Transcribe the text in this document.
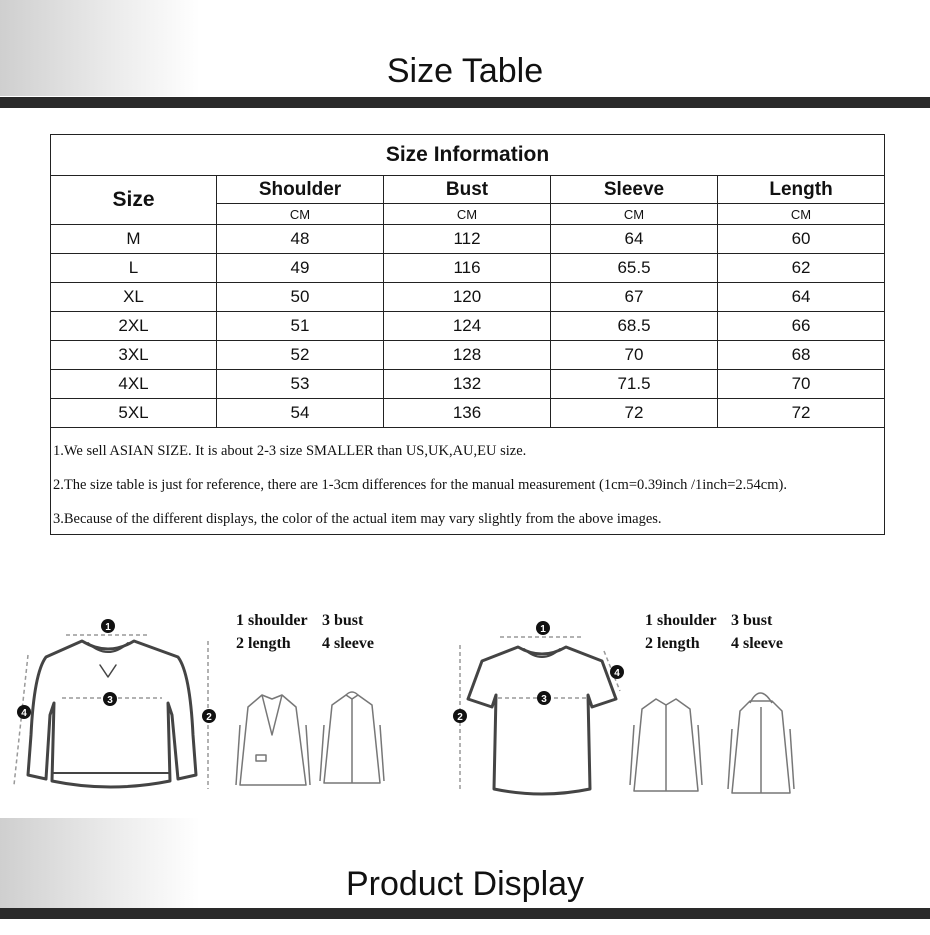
Size Table
Size Information				
Size	Shoulder	Bust	Sleeve	Length
	CM	CM	CM	CM
M	48	112	64	60
L	49	116	65.5	62
XL	50	120	67	64
2XL	51	124	68.5	66
3XL	52	128	70	68
4XL	53	132	71.5	70
5XL	54	136	72	72

1.We sell ASIAN SIZE. It is about 2-3 size SMALLER than US,UK,AU,EU size.
2.The size table is just for reference, there are 1-3cm differences for the manual measurement (1cm=0.39inch /1inch=2.54cm).
3.Because of the different displays, the color of the actual item may vary slightly from the above images.				
1
2
3
4
1 shoulder 3 bust
2 length 4 sleeve
1
2
3
4
1 shoulder 3 bust
2 length 4 sleeve
Product Display
